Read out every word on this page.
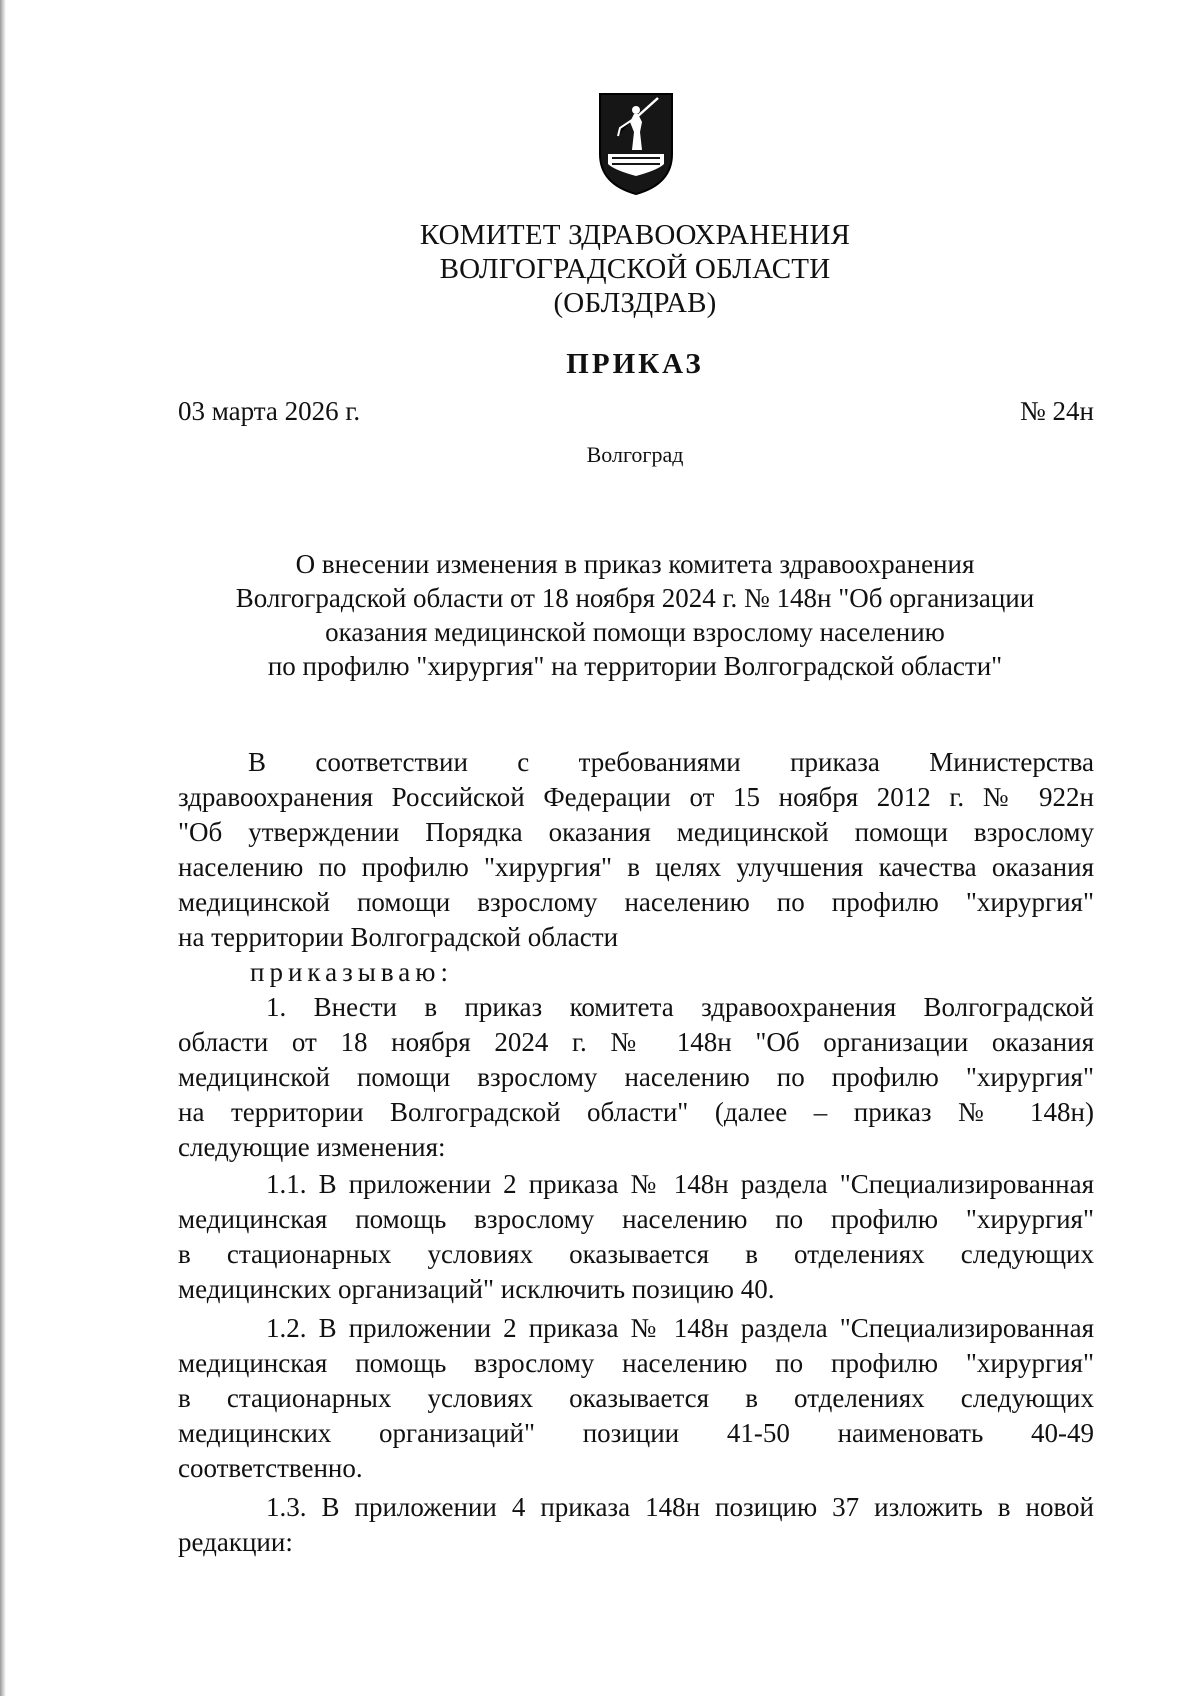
КОМИТЕТ ЗДРАВООХРАНЕНИЯ
ВОЛГОГРАДСКОЙ ОБЛАСТИ
(ОБЛЗДРАВ)
ПРИКАЗ
03 марта 2026 г.	№ 24н
Волгоград
О внесении изменения в приказ комитета здравоохранения
Волгоградской области от 18 ноября 2024 г. № 148н "Об организации
оказания медицинской помощи взрослому населению
по профилю "хирургия" на территории Волгоградской области"
В соответствии с требованиями приказа Министерства
здравоохранения Российской Федерации от 15 ноября 2012 г. № 922н
"Об утверждении Порядка оказания медицинской помощи взрослому
населению по профилю "хирургия" в целях улучшения качества оказания
медицинской помощи взрослому населению по профилю "хирургия"
на территории Волгоградской области
приказываю:
1. Внести в приказ комитета здравоохранения Волгоградской
области от 18 ноября 2024 г. № 148н "Об организации оказания
медицинской помощи взрослому населению по профилю "хирургия"
на территории Волгоградской области" (далее – приказ № 148н)
следующие изменения:
1.1. В приложении 2 приказа № 148н раздела "Специализированная
медицинская помощь взрослому населению по профилю "хирургия"
в стационарных условиях оказывается в отделениях следующих
медицинских организаций" исключить позицию 40.
1.2. В приложении 2 приказа № 148н раздела "Специализированная
медицинская помощь взрослому населению по профилю "хирургия"
в стационарных условиях оказывается в отделениях следующих
медицинских организаций" позиции 41-50 наименовать 40-49
соответственно.
1.3. В приложении 4 приказа 148н позицию 37 изложить в новой
редакции:
